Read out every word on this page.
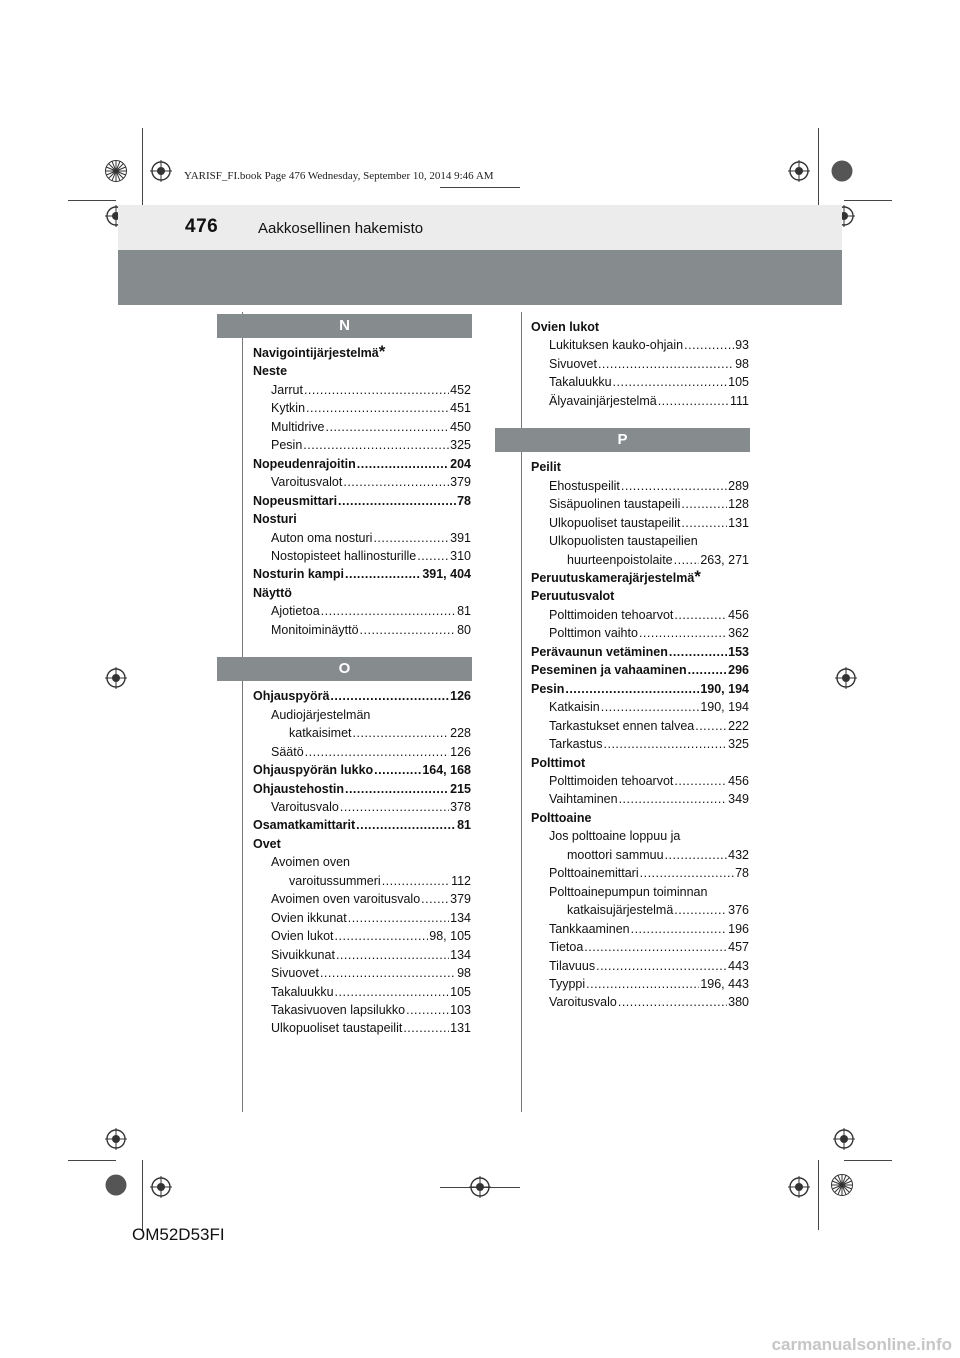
YARISF_FI.book Page 476 Wednesday, September 10, 2014 9:46 AM
476	Aakkosellinen hakemisto
N
Navigointijärjestelmä *
Neste
Jarrut .....	452
Kytkin .....	451
Multidrive .....	450
Pesin .....	325
Nopeudenrajoitin .....	204
Varoitusvalot .....	379
Nopeusmittari .....	78
Nosturi
Auton oma nosturi .....	391
Nostopisteet hallinosturille .....	310
Nosturin kampi .....	391, 404
Näyttö
Ajotietoa .....	81
Monitoiminäyttö .....	80
O
Ohjauspyörä .....	126
Audiojärjestelmän
katkaisimet .....	228
Säätö .....	126
Ohjauspyörän lukko .....	164, 168
Ohjaustehostin .....	215
Varoitusvalo .....	378
Osamatkamittarit .....	81
Ovet
Avoimen oven
varoitussummeri .....	112
Avoimen oven varoitusvalo ..... 379
Ovien ikkunat .....	134
Ovien lukot .....	98, 105
Sivuikkunat .....	134
Sivuovet .....	98
Takaluukku .....	105
Takasivuoven lapsilukko .....	103
Ulkopuoliset taustapeilit .....	131
Ovien lukot
Lukituksen kauko-ohjain .....	93
Sivuovet .....	98
Takaluukku .....	105
Älyavainjärjestelmä .....	111
P
Peilit
Ehostuspeilit .....	289
Sisäpuolinen taustapeili .....	128
Ulkopuoliset taustapeilit .....	131
Ulkopuolisten taustapeilien
huurteenpoistolaite ..... 263, 271
Peruutuskamerajärjestelmä *
Peruutusvalot
Polttimoiden tehoarvot .....	456
Polttimon vaihto .....	362
Perävaunun vetäminen .....	153
Peseminen ja vahaaminen .....	296
Pesin .....	190, 194
Katkaisin .....	190, 194
Tarkastukset ennen talvea .....	222
Tarkastus .....	325
Polttimot
Polttimoiden tehoarvot .....	456
Vaihtaminen .....	349
Polttoaine
Jos polttoaine loppuu ja
moottori sammuu .....	432
Polttoainemittari .....	78
Polttoainepumpun toiminnan
katkaisujärjestelmä .....	376
Tankkaaminen .....	196
Tietoa .....	457
Tilavuus .....	443
Tyyppi .....	196, 443
Varoitusvalo .....	380
OM52D53FI
carmanualsonline.info
